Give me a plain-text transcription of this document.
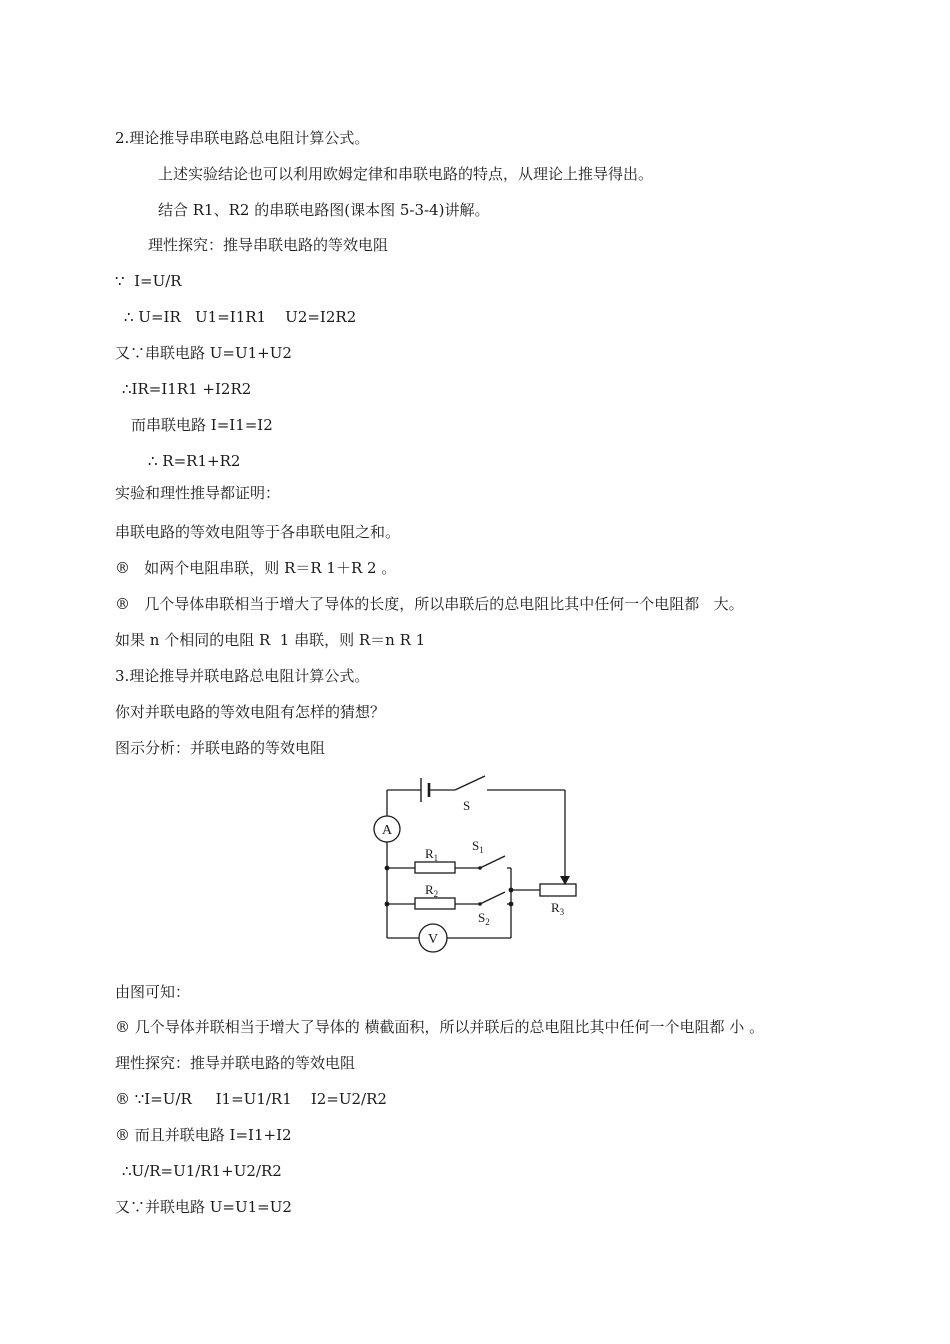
2.理论推导串联电路总电阻计算公式。
上述实验结论也可以利用欧姆定律和串联电路的特点，从理论上推导得出。
结合 R1、R2 的串联电路图(课本图 5-3-4)讲解。
理性探究：推导串联电路的等效电阻
∵  I=U/R
∴ U=IR   U1=I1R1    U2=I2R2
又∵串联电路 U=U1+U2
∴IR=I1R1 +I2R2
而串联电路 I=I1=I2
∴ R=R1+R2
实验和理性推导都证明：
串联电路的等效电阻等于各串联电阻之和。
®   如两个电阻串联，则 R＝R 1＋R 2 。
®   几个导体串联相当于增大了导体的长度，所以串联后的总电阻比其中任何一个电阻都   大。
如果 n 个相同的电阻 R  1 串联，则 R＝n R 1
3.理论推导并联电路总电阻计算公式。
你对并联电路的等效电阻有怎样的猜想？
图示分析：并联电路的等效电阻
A
V
S
$S_1$
$S_2$
$R_1$
$R_2$
$R_3$
由图可知：
® 几个导体并联相当于增大了导体的 横截面积，所以并联后的总电阻比其中任何一个电阻都 小 。
理性探究：推导并联电路的等效电阻
® ∵I=U/R     I1=U1/R1    I2=U2/R2
® 而且并联电路 I=I1+I2
∴U/R=U1/R1+U2/R2
又∵并联电路 U=U1=U2
